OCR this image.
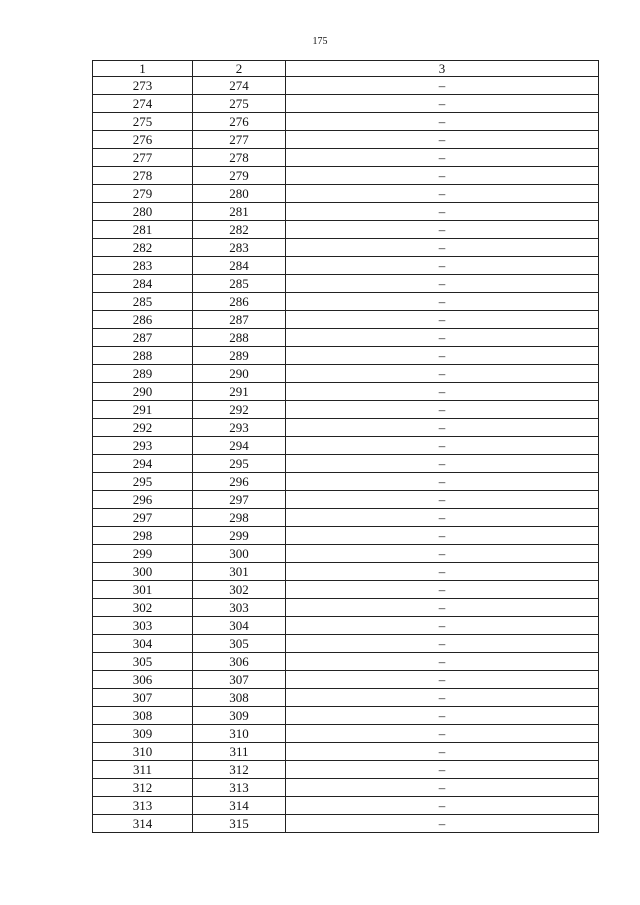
175
1	2	3
273	274	–
274	275	–
275	276	–
276	277	–
277	278	–
278	279	–
279	280	–
280	281	–
281	282	–
282	283	–
283	284	–
284	285	–
285	286	–
286	287	–
287	288	–
288	289	–
289	290	–
290	291	–
291	292	–
292	293	–
293	294	–
294	295	–
295	296	–
296	297	–
297	298	–
298	299	–
299	300	–
300	301	–
301	302	–
302	303	–
303	304	–
304	305	–
305	306	–
306	307	–
307	308	–
308	309	–
309	310	–
310	311	–
311	312	–
312	313	–
313	314	–
314	315	–
